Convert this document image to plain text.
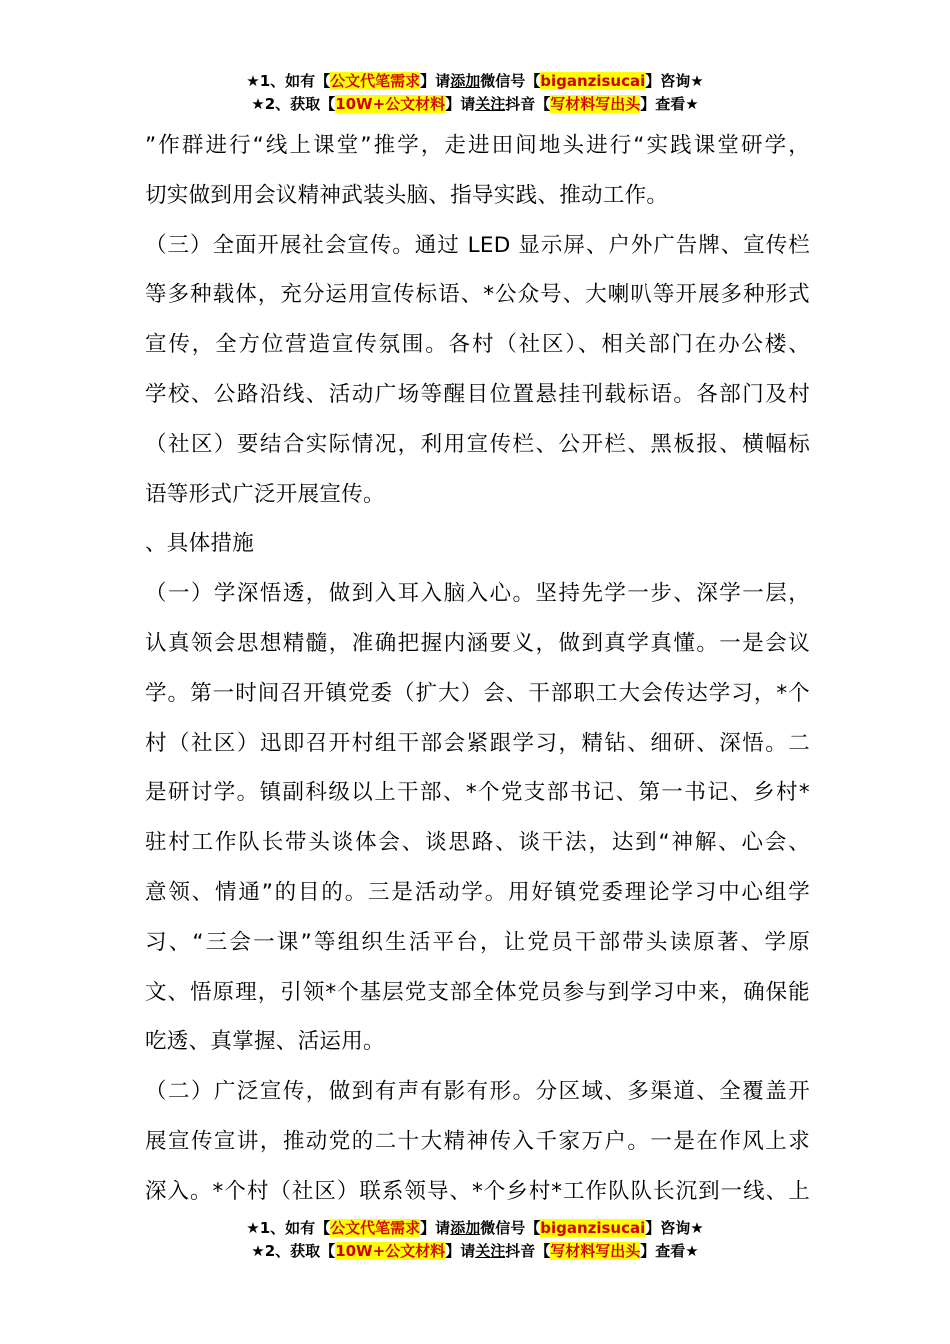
★1、如有【公文代笔需求】请添加微信号【biganzisucai】咨询★
★2、获取【10W+公文材料】请关注抖音【写材料写出头】查看★
”作群进行“线上课堂”推学，走进田间地头进行“实践课堂研学，
切实做到用会议精神武装头脑、指导实践、推动工作。
（三）全面开展社会宣传。通过 LED 显示屏、户外广告牌、宣传栏
等多种载体，充分运用宣传标语、*公众号、大喇叭等开展多种形式
宣传，全方位营造宣传氛围。各村（社区）、相关部门在办公楼、
学校、公路沿线、活动广场等醒目位置悬挂刊载标语。各部门及村
（社区）要结合实际情况，利用宣传栏、公开栏、黑板报、横幅标
语等形式广泛开展宣传。
、具体措施
（一）学深悟透，做到入耳入脑入心。坚持先学一步、深学一层，
认真领会思想精髓，准确把握内涵要义，做到真学真懂。一是会议
学。第一时间召开镇党委（扩大）会、干部职工大会传达学习，*个
村（社区）迅即召开村组干部会紧跟学习，精钻、细研、深悟。二
是研讨学。镇副科级以上干部、*个党支部书记、第一书记、乡村*
驻村工作队长带头谈体会、谈思路、谈干法，达到“神解、心会、
意领、情通”的目的。三是活动学。用好镇党委理论学习中心组学
习、“三会一课”等组织生活平台，让党员干部带头读原著、学原
文、悟原理，引领*个基层党支部全体党员参与到学习中来，确保能
吃透、真掌握、活运用。
（二）广泛宣传，做到有声有影有形。分区域、多渠道、全覆盖开
展宣传宣讲，推动党的二十大精神传入千家万户。一是在作风上求
深入。*个村（社区）联系领导、*个乡村*工作队队长沉到一线、上
★1、如有【公文代笔需求】请添加微信号【biganzisucai】咨询★
★2、获取【10W+公文材料】请关注抖音【写材料写出头】查看★
